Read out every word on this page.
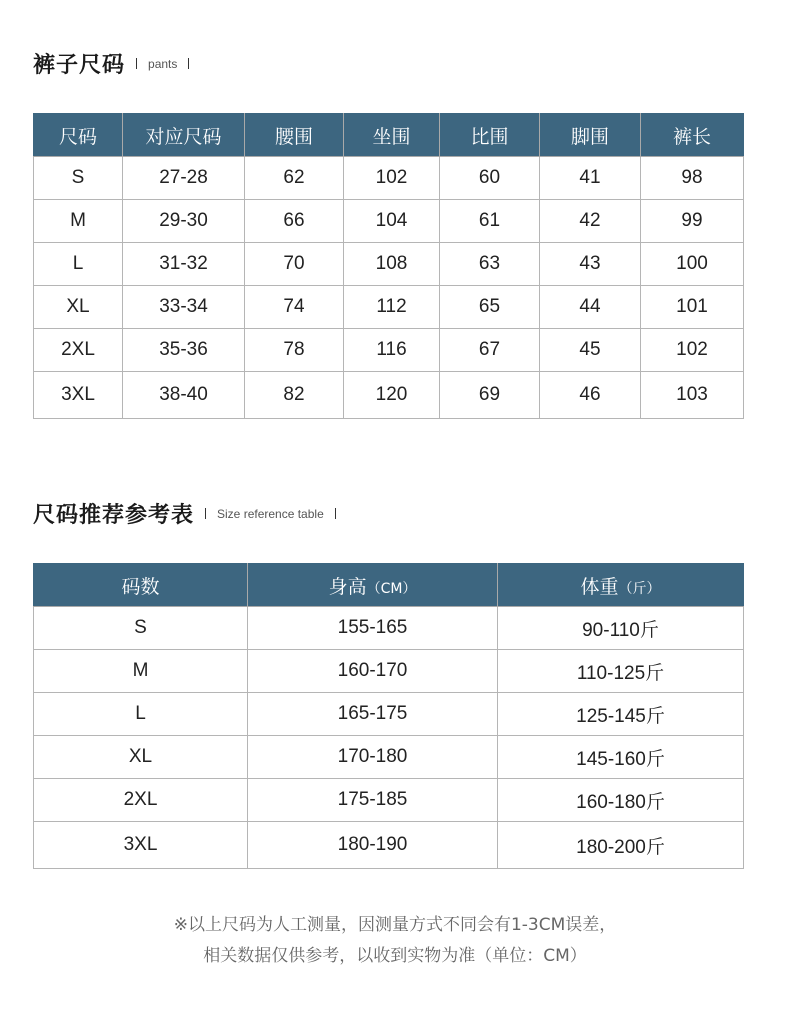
裤子尺码 pants
尺码	对应尺码	腰围	坐围	比围	脚围	裤长
S	27-28	62	102	60	41	98
M	29-30	66	104	61	42	99
L	31-32	70	108	63	43	100
XL	33-34	74	112	65	44	101
2XL	35-36	78	116	67	45	102
3XL	38-40	82	120	69	46	103
尺码推荐参考表 Size reference table
码数	身高（CM）	体重（斤）
S	155-165	90-110斤
M	160-170	110-125斤
L	165-175	125-145斤
XL	170-180	145-160斤
2XL	175-185	160-180斤
3XL	180-190	180-200斤
※以上尺码为人工测量，因测量方式不同会有1-3CM误差，
相关数据仅供参考，以收到实物为准（单位：CM）
